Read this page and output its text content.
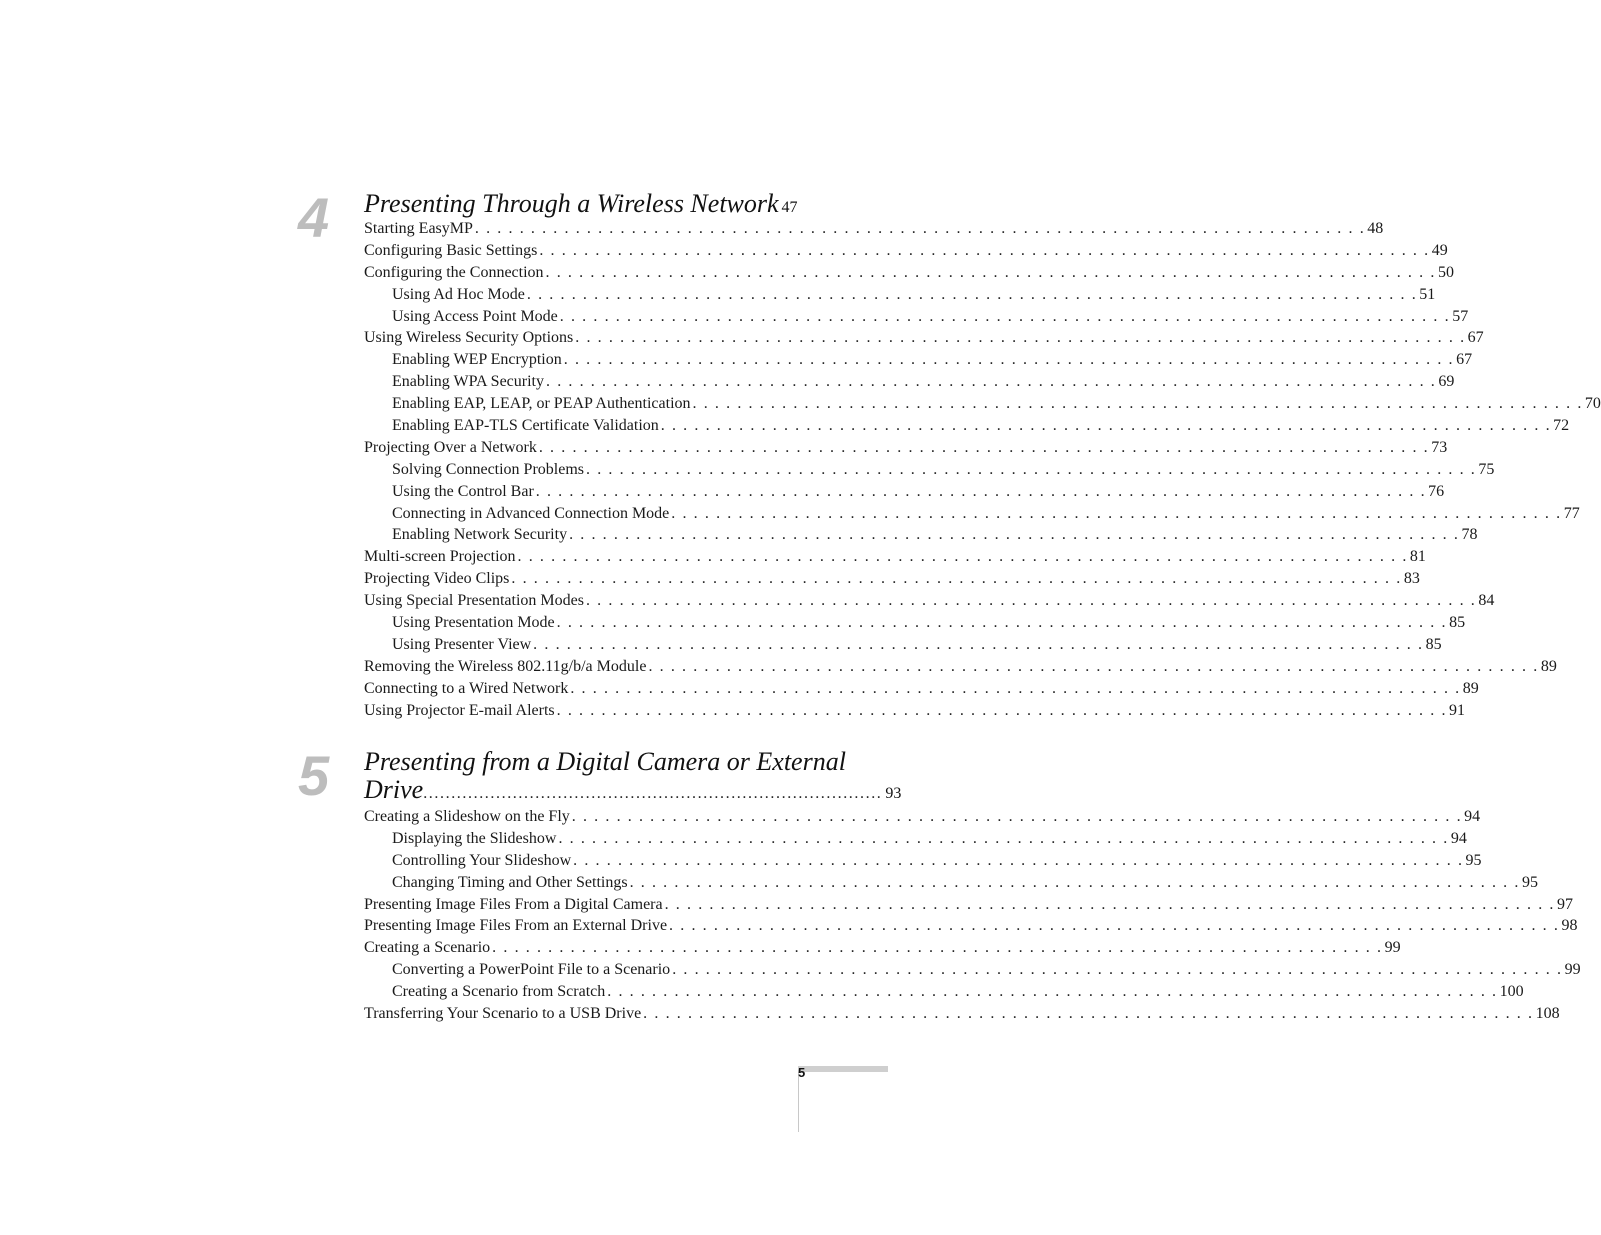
4 Presenting Through a Wireless Network 47
Starting EasyMP . . . . . . . . . . . . . . . . . . . . . . . . . . . . . . . . . . . . . . . . . . . . . . . . . . . . . . . . . . . . . . . . . . . . . . . . . . . . . . . . 48
Configuring Basic Settings . . . . . . . . . . . . . . . . . . . . . . . . . . . . . . . . . . . . . . . . . . . . . . . . . . . . . . . . . . . . . . . . . . . . . . . . . . . . . . . . 49
Configuring the Connection . . . . . . . . . . . . . . . . . . . . . . . . . . . . . . . . . . . . . . . . . . . . . . . . . . . . . . . . . . . . . . . . . . . . . . . . . . . . . . . . 50
Using Ad Hoc Mode . . . . . . . . . . . . . . . . . . . . . . . . . . . . . . . . . . . . . . . . . . . . . . . . . . . . . . . . . . . . . . . . . . . . . . . . . . . . . . . . 51
Using Access Point Mode . . . . . . . . . . . . . . . . . . . . . . . . . . . . . . . . . . . . . . . . . . . . . . . . . . . . . . . . . . . . . . . . . . . . . . . . . . . . . . . . 57
Using Wireless Security Options . . . . . . . . . . . . . . . . . . . . . . . . . . . . . . . . . . . . . . . . . . . . . . . . . . . . . . . . . . . . . . . . . . . . . . . . . . . . . . . . 67
Enabling WEP Encryption . . . . . . . . . . . . . . . . . . . . . . . . . . . . . . . . . . . . . . . . . . . . . . . . . . . . . . . . . . . . . . . . . . . . . . . . . . . . . . . . 67
Enabling WPA Security . . . . . . . . . . . . . . . . . . . . . . . . . . . . . . . . . . . . . . . . . . . . . . . . . . . . . . . . . . . . . . . . . . . . . . . . . . . . . . . . 69
Enabling EAP, LEAP, or PEAP Authentication . . . . . . . . . . . . . . . . . . . . . . . . . . . . . . . . . . . . . . . . . . . . . . . . . . . . . . . . . . . . . . . . . . . . . . . . . . . . . . . . 70
Enabling EAP-TLS Certificate Validation . . . . . . . . . . . . . . . . . . . . . . . . . . . . . . . . . . . . . . . . . . . . . . . . . . . . . . . . . . . . . . . . . . . . . . . . . . . . . . . . 72
Projecting Over a Network . . . . . . . . . . . . . . . . . . . . . . . . . . . . . . . . . . . . . . . . . . . . . . . . . . . . . . . . . . . . . . . . . . . . . . . . . . . . . . . . 73
Solving Connection Problems . . . . . . . . . . . . . . . . . . . . . . . . . . . . . . . . . . . . . . . . . . . . . . . . . . . . . . . . . . . . . . . . . . . . . . . . . . . . . . . . 75
Using the Control Bar . . . . . . . . . . . . . . . . . . . . . . . . . . . . . . . . . . . . . . . . . . . . . . . . . . . . . . . . . . . . . . . . . . . . . . . . . . . . . . . . 76
Connecting in Advanced Connection Mode . . . . . . . . . . . . . . . . . . . . . . . . . . . . . . . . . . . . . . . . . . . . . . . . . . . . . . . . . . . . . . . . . . . . . . . . . . . . . . . . 77
Enabling Network Security . . . . . . . . . . . . . . . . . . . . . . . . . . . . . . . . . . . . . . . . . . . . . . . . . . . . . . . . . . . . . . . . . . . . . . . . . . . . . . . . 78
Multi-screen Projection . . . . . . . . . . . . . . . . . . . . . . . . . . . . . . . . . . . . . . . . . . . . . . . . . . . . . . . . . . . . . . . . . . . . . . . . . . . . . . . . 81
Projecting Video Clips . . . . . . . . . . . . . . . . . . . . . . . . . . . . . . . . . . . . . . . . . . . . . . . . . . . . . . . . . . . . . . . . . . . . . . . . . . . . . . . . 83
Using Special Presentation Modes . . . . . . . . . . . . . . . . . . . . . . . . . . . . . . . . . . . . . . . . . . . . . . . . . . . . . . . . . . . . . . . . . . . . . . . . . . . . . . . . 84
Using Presentation Mode . . . . . . . . . . . . . . . . . . . . . . . . . . . . . . . . . . . . . . . . . . . . . . . . . . . . . . . . . . . . . . . . . . . . . . . . . . . . . . . . 85
Using Presenter View . . . . . . . . . . . . . . . . . . . . . . . . . . . . . . . . . . . . . . . . . . . . . . . . . . . . . . . . . . . . . . . . . . . . . . . . . . . . . . . . 85
Removing the Wireless 802.11g/b/a Module . . . . . . . . . . . . . . . . . . . . . . . . . . . . . . . . . . . . . . . . . . . . . . . . . . . . . . . . . . . . . . . . . . . . . . . . . . . . . . . . 89
Connecting to a Wired Network . . . . . . . . . . . . . . . . . . . . . . . . . . . . . . . . . . . . . . . . . . . . . . . . . . . . . . . . . . . . . . . . . . . . . . . . . . . . . . . . 89
Using Projector E-mail Alerts . . . . . . . . . . . . . . . . . . . . . . . . . . . . . . . . . . . . . . . . . . . . . . . . . . . . . . . . . . . . . . . . . . . . . . . . . . . . . . . . 91
5 Presenting from a Digital Camera or External
Drive .................................................................................. 93
Creating a Slideshow on the Fly . . . . . . . . . . . . . . . . . . . . . . . . . . . . . . . . . . . . . . . . . . . . . . . . . . . . . . . . . . . . . . . . . . . . . . . . . . . . . . . . 94
Displaying the Slideshow . . . . . . . . . . . . . . . . . . . . . . . . . . . . . . . . . . . . . . . . . . . . . . . . . . . . . . . . . . . . . . . . . . . . . . . . . . . . . . . . 94
Controlling Your Slideshow . . . . . . . . . . . . . . . . . . . . . . . . . . . . . . . . . . . . . . . . . . . . . . . . . . . . . . . . . . . . . . . . . . . . . . . . . . . . . . . . 95
Changing Timing and Other Settings . . . . . . . . . . . . . . . . . . . . . . . . . . . . . . . . . . . . . . . . . . . . . . . . . . . . . . . . . . . . . . . . . . . . . . . . . . . . . . . . 95
Presenting Image Files From a Digital Camera . . . . . . . . . . . . . . . . . . . . . . . . . . . . . . . . . . . . . . . . . . . . . . . . . . . . . . . . . . . . . . . . . . . . . . . . . . . . . . . . 97
Presenting Image Files From an External Drive . . . . . . . . . . . . . . . . . . . . . . . . . . . . . . . . . . . . . . . . . . . . . . . . . . . . . . . . . . . . . . . . . . . . . . . . . . . . . . . . 98
Creating a Scenario . . . . . . . . . . . . . . . . . . . . . . . . . . . . . . . . . . . . . . . . . . . . . . . . . . . . . . . . . . . . . . . . . . . . . . . . . . . . . . . . 99
Converting a PowerPoint File to a Scenario . . . . . . . . . . . . . . . . . . . . . . . . . . . . . . . . . . . . . . . . . . . . . . . . . . . . . . . . . . . . . . . . . . . . . . . . . . . . . . . . 99
Creating a Scenario from Scratch . . . . . . . . . . . . . . . . . . . . . . . . . . . . . . . . . . . . . . . . . . . . . . . . . . . . . . . . . . . . . . . . . . . . . . . . . . . . . . . . 100
Transferring Your Scenario to a USB Drive . . . . . . . . . . . . . . . . . . . . . . . . . . . . . . . . . . . . . . . . . . . . . . . . . . . . . . . . . . . . . . . . . . . . . . . . . . . . . . . . 108
5
